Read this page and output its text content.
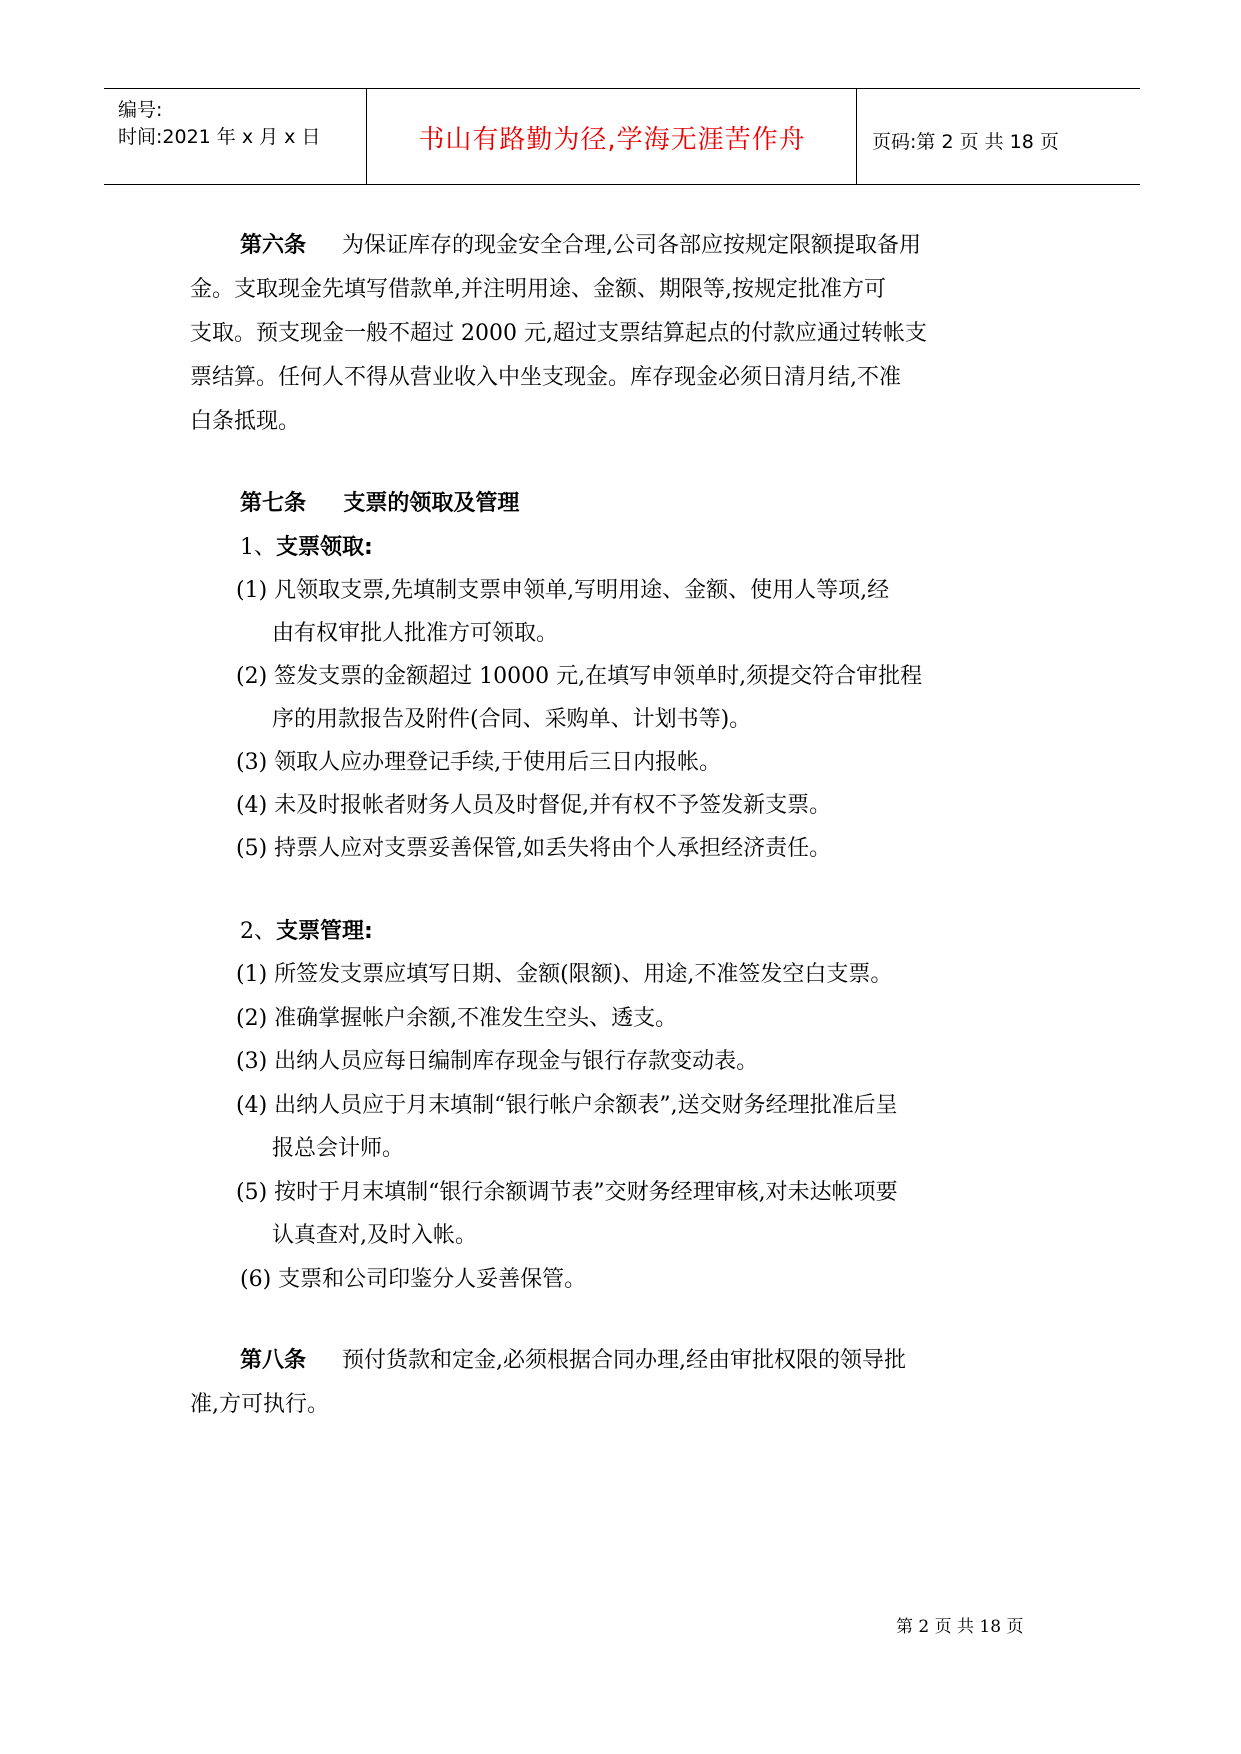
编号:
时间:2021 年 x 月 x 日	书山有路勤为径,学海无涯苦作舟	页码:第 2 页 共 18 页
第六条 为保证库存的现金安全合理,公司各部应按规定限额提取备用
金。支取现金先填写借款单,并注明用途、金额、期限等,按规定批准方可
支取。预支现金一般不超过 2000 元,超过支票结算起点的付款应通过转帐支
票结算。任何人不得从营业收入中坐支现金。库存现金必须日清月结,不准
白条抵现。
第七条 支票的领取及管理
1、支票领取:
(1) 凡领取支票,先填制支票申领单,写明用途、金额、使用人等项,经
由有权审批人批准方可领取。
(2) 签发支票的金额超过 10000 元,在填写申领单时,须提交符合审批程
序的用款报告及附件(合同、采购单、计划书等)。
(3) 领取人应办理登记手续,于使用后三日内报帐。
(4) 未及时报帐者财务人员及时督促,并有权不予签发新支票。
(5) 持票人应对支票妥善保管,如丢失将由个人承担经济责任。
2、支票管理:
(1) 所签发支票应填写日期、金额(限额)、用途,不准签发空白支票。
(2) 准确掌握帐户余额,不准发生空头、透支。
(3) 出纳人员应每日编制库存现金与银行存款变动表。
(4) 出纳人员应于月末填制“银行帐户余额表”,送交财务经理批准后呈
报总会计师。
(5) 按时于月末填制“银行余额调节表”交财务经理审核,对未达帐项要
认真查对,及时入帐。
(6) 支票和公司印鉴分人妥善保管。
第八条 预付货款和定金,必须根据合同办理,经由审批权限的领导批
准,方可执行。
第 2 页 共 18 页
